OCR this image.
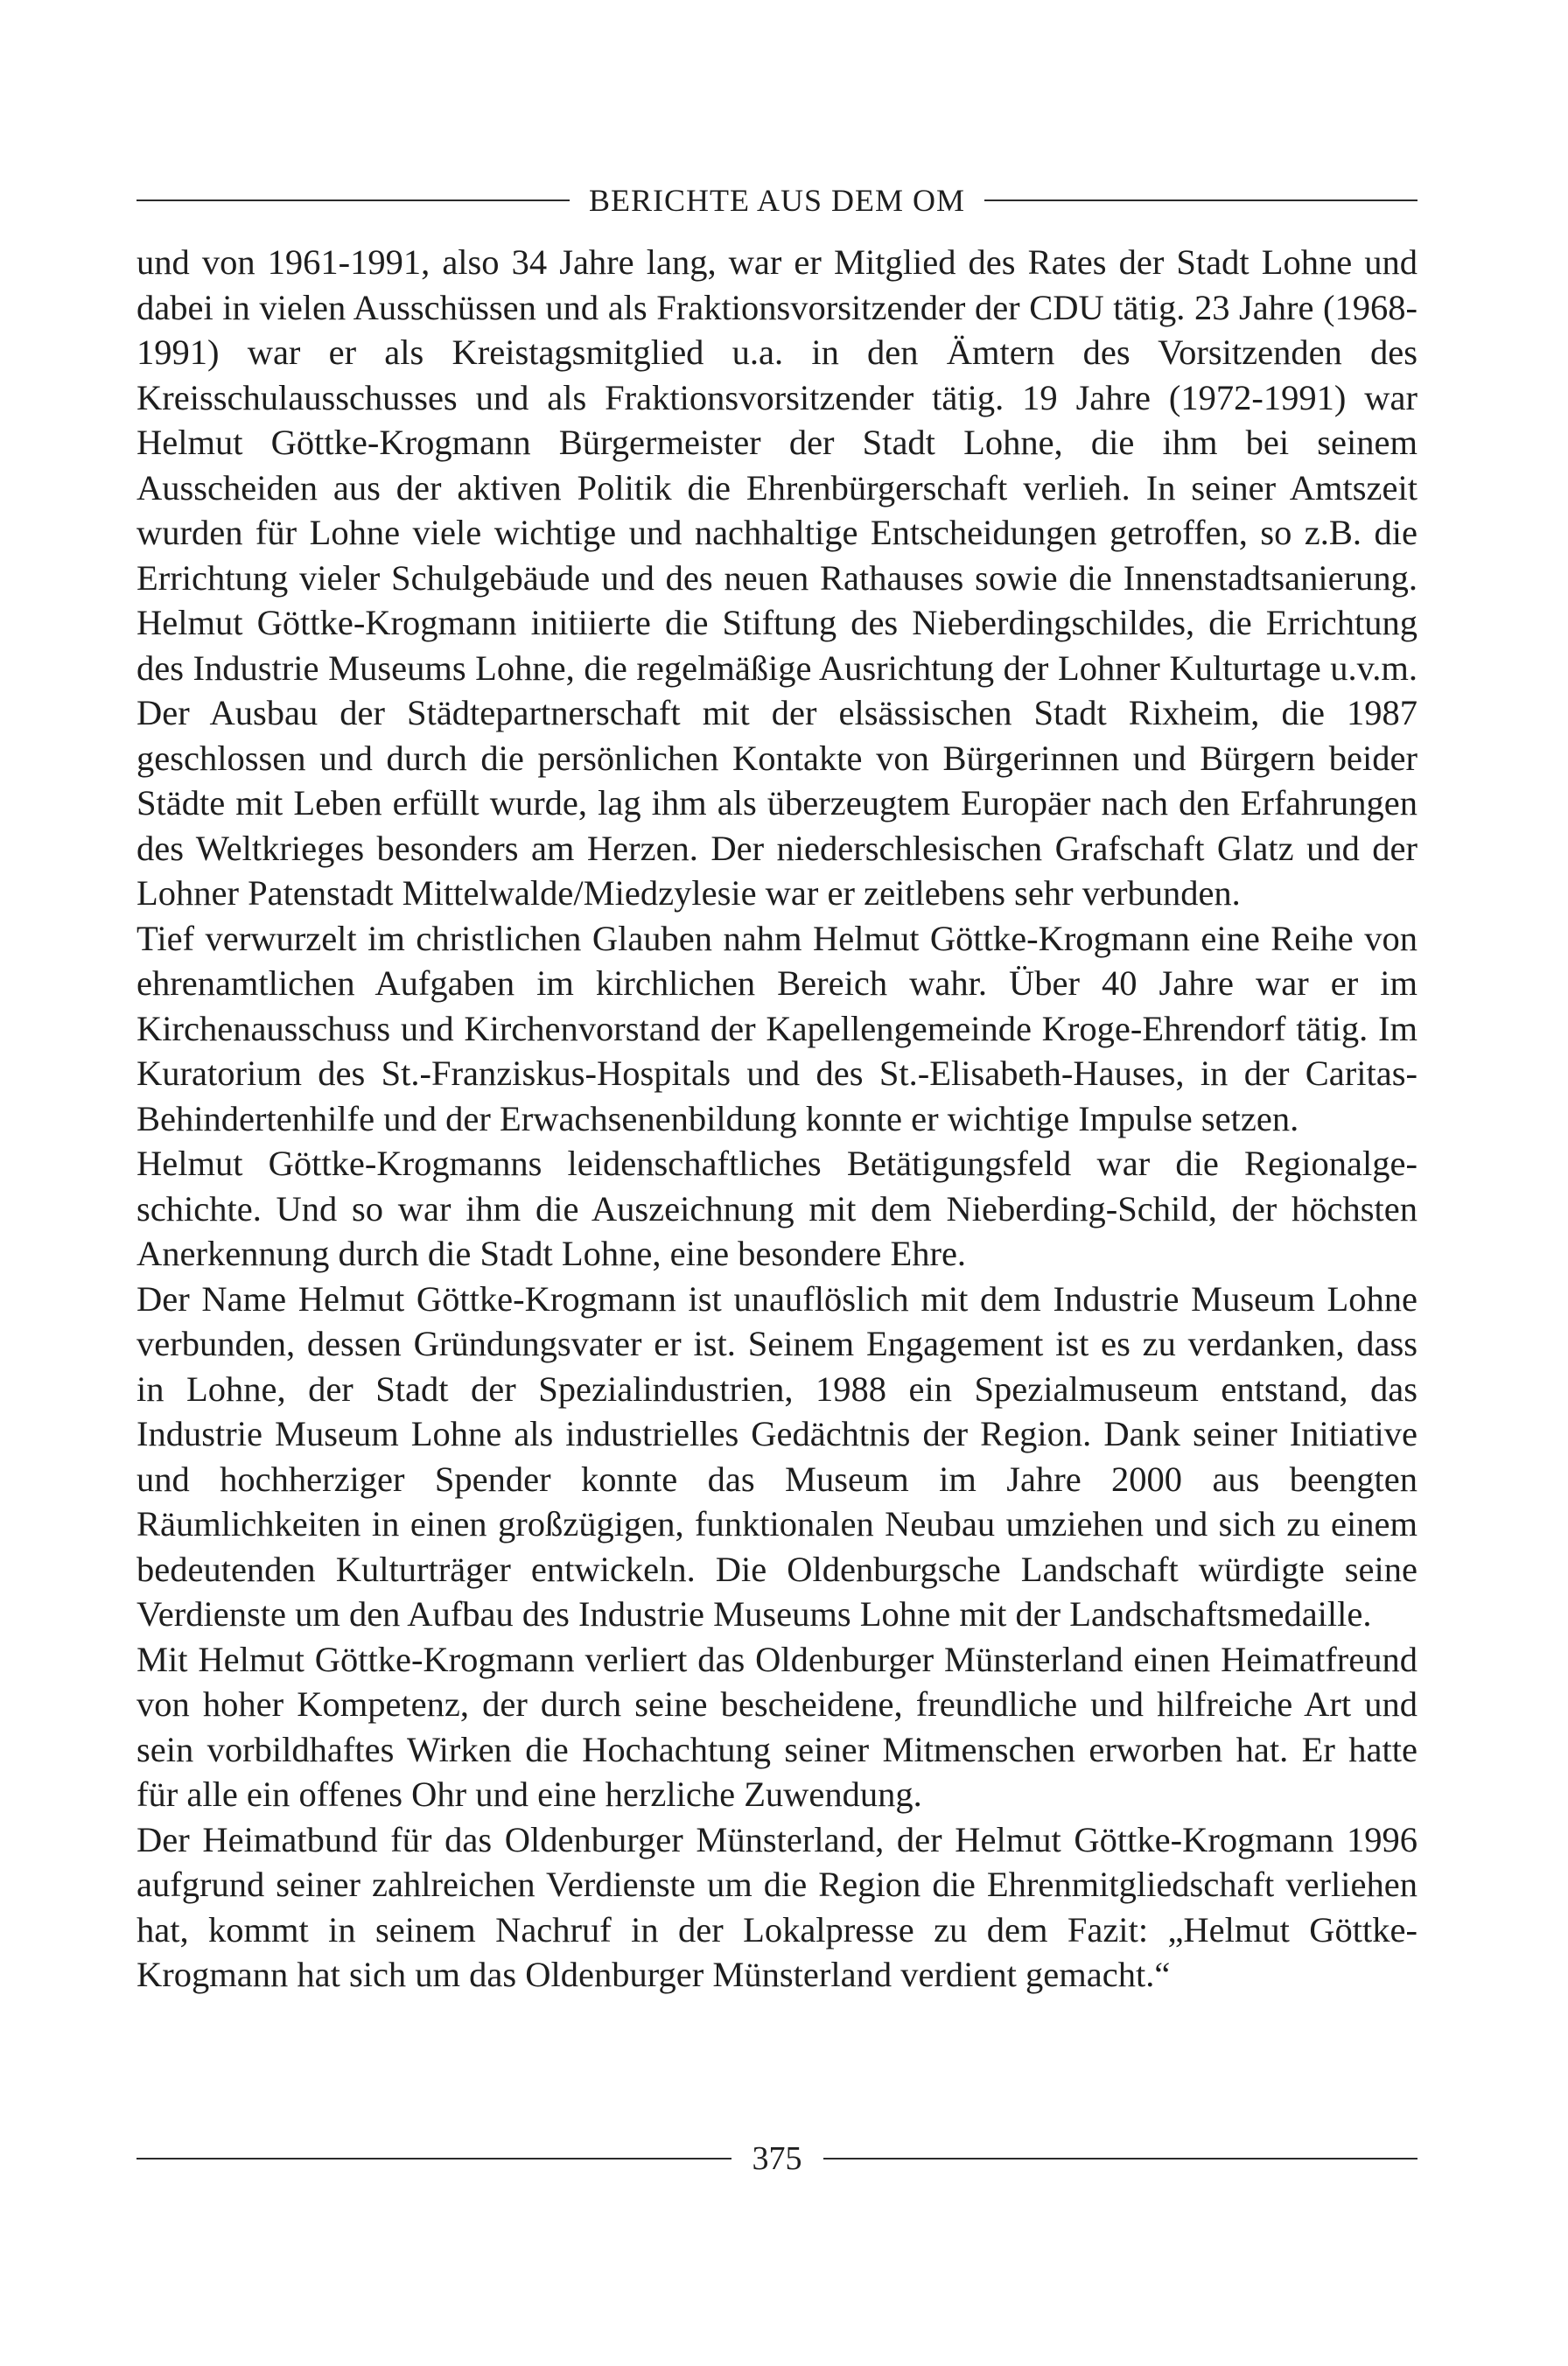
BERICHTE AUS DEM OM

und von 1961-1991, also 34 Jahre lang, war er Mitglied des Rates der Stadt Lohne und dabei in vielen Ausschüssen und als Fraktionsvorsitzender der CDU tätig. 23 Jahre (1968-1991) war er als Kreistagsmitglied u.a. in den Ämtern des Vorsitzenden des Kreisschulausschusses und als Fraktionsvorsitzender tätig. 19 Jahre (1972-1991) war Helmut Göttke-Krogmann Bürgermeister der Stadt Lohne, die ihm bei seinem Ausscheiden aus der aktiven Politik die Ehrenbürgerschaft verlieh. In seiner Amtszeit wurden für Lohne viele wichtige und nachhaltige Entscheidungen getroffen, so z.B. die Errichtung vieler Schulgebäude und des neuen Rathauses sowie die Innenstadtsanierung. Helmut Göttke-Krogmann initiierte die Stiftung des Nieberdingschildes, die Errichtung des Industrie Museums Lohne, die regelmäßige Ausrichtung der Lohner Kulturtage u.v.m. Der Ausbau der Städtepartnerschaft mit der elsässischen Stadt Rixheim, die 1987 geschlossen und durch die persönlichen Kontakte von Bürgerinnen und Bürgern beider Städte mit Leben erfüllt wurde, lag ihm als überzeugtem Europäer nach den Erfahrungen des Weltkrieges besonders am Herzen. Der niederschlesischen Grafschaft Glatz und der Lohner Patenstadt Mittelwalde/Miedzylesie war er zeitlebens sehr verbunden.

Tief verwurzelt im christlichen Glauben nahm Helmut Göttke-Krogmann eine Reihe von ehrenamtlichen Aufgaben im kirchlichen Bereich wahr. Über 40 Jahre war er im Kirchenausschuss und Kirchenvorstand der Kapellengemeinde Kroge-Ehrendorf tätig. Im Kuratorium des St.-Franziskus-Hospitals und des St.-Elisabeth-Hauses, in der Caritas-Behindertenhilfe und der Erwachsenenbildung konnte er wichtige Impulse setzen.

Helmut Göttke-Krogmanns leidenschaftliches Betätigungsfeld war die Regionalgeschichte. Und so war ihm die Auszeichnung mit dem Nieberding-Schild, der höchsten Anerkennung durch die Stadt Lohne, eine besondere Ehre.

Der Name Helmut Göttke-Krogmann ist unauflöslich mit dem Industrie Museum Lohne verbunden, dessen Gründungsvater er ist. Seinem Engagement ist es zu verdanken, dass in Lohne, der Stadt der Spezialindustrien, 1988 ein Spezialmuseum entstand, das Industrie Museum Lohne als industrielles Gedächtnis der Region. Dank seiner Initiative und hochherziger Spender konnte das Museum im Jahre 2000 aus beengten Räumlichkeiten in einen großzügigen, funktionalen Neubau umziehen und sich zu einem bedeutenden Kulturträger entwickeln. Die Oldenburgsche Landschaft würdigte seine Verdienste um den Aufbau des Industrie Museums Lohne mit der Landschaftsmedaille.

Mit Helmut Göttke-Krogmann verliert das Oldenburger Münsterland einen Heimatfreund von hoher Kompetenz, der durch seine bescheidene, freundliche und hilfreiche Art und sein vorbildhaftes Wirken die Hochachtung seiner Mitmenschen erworben hat. Er hatte für alle ein offenes Ohr und eine herzliche Zuwendung.

Der Heimatbund für das Oldenburger Münsterland, der Helmut Göttke-Krogmann 1996 aufgrund seiner zahlreichen Verdienste um die Region die Ehrenmitgliedschaft verliehen hat, kommt in seinem Nachruf in der Lokalpresse zu dem Fazit: „Helmut Göttke-Krogmann hat sich um das Oldenburger Münsterland verdient gemacht.“

375
